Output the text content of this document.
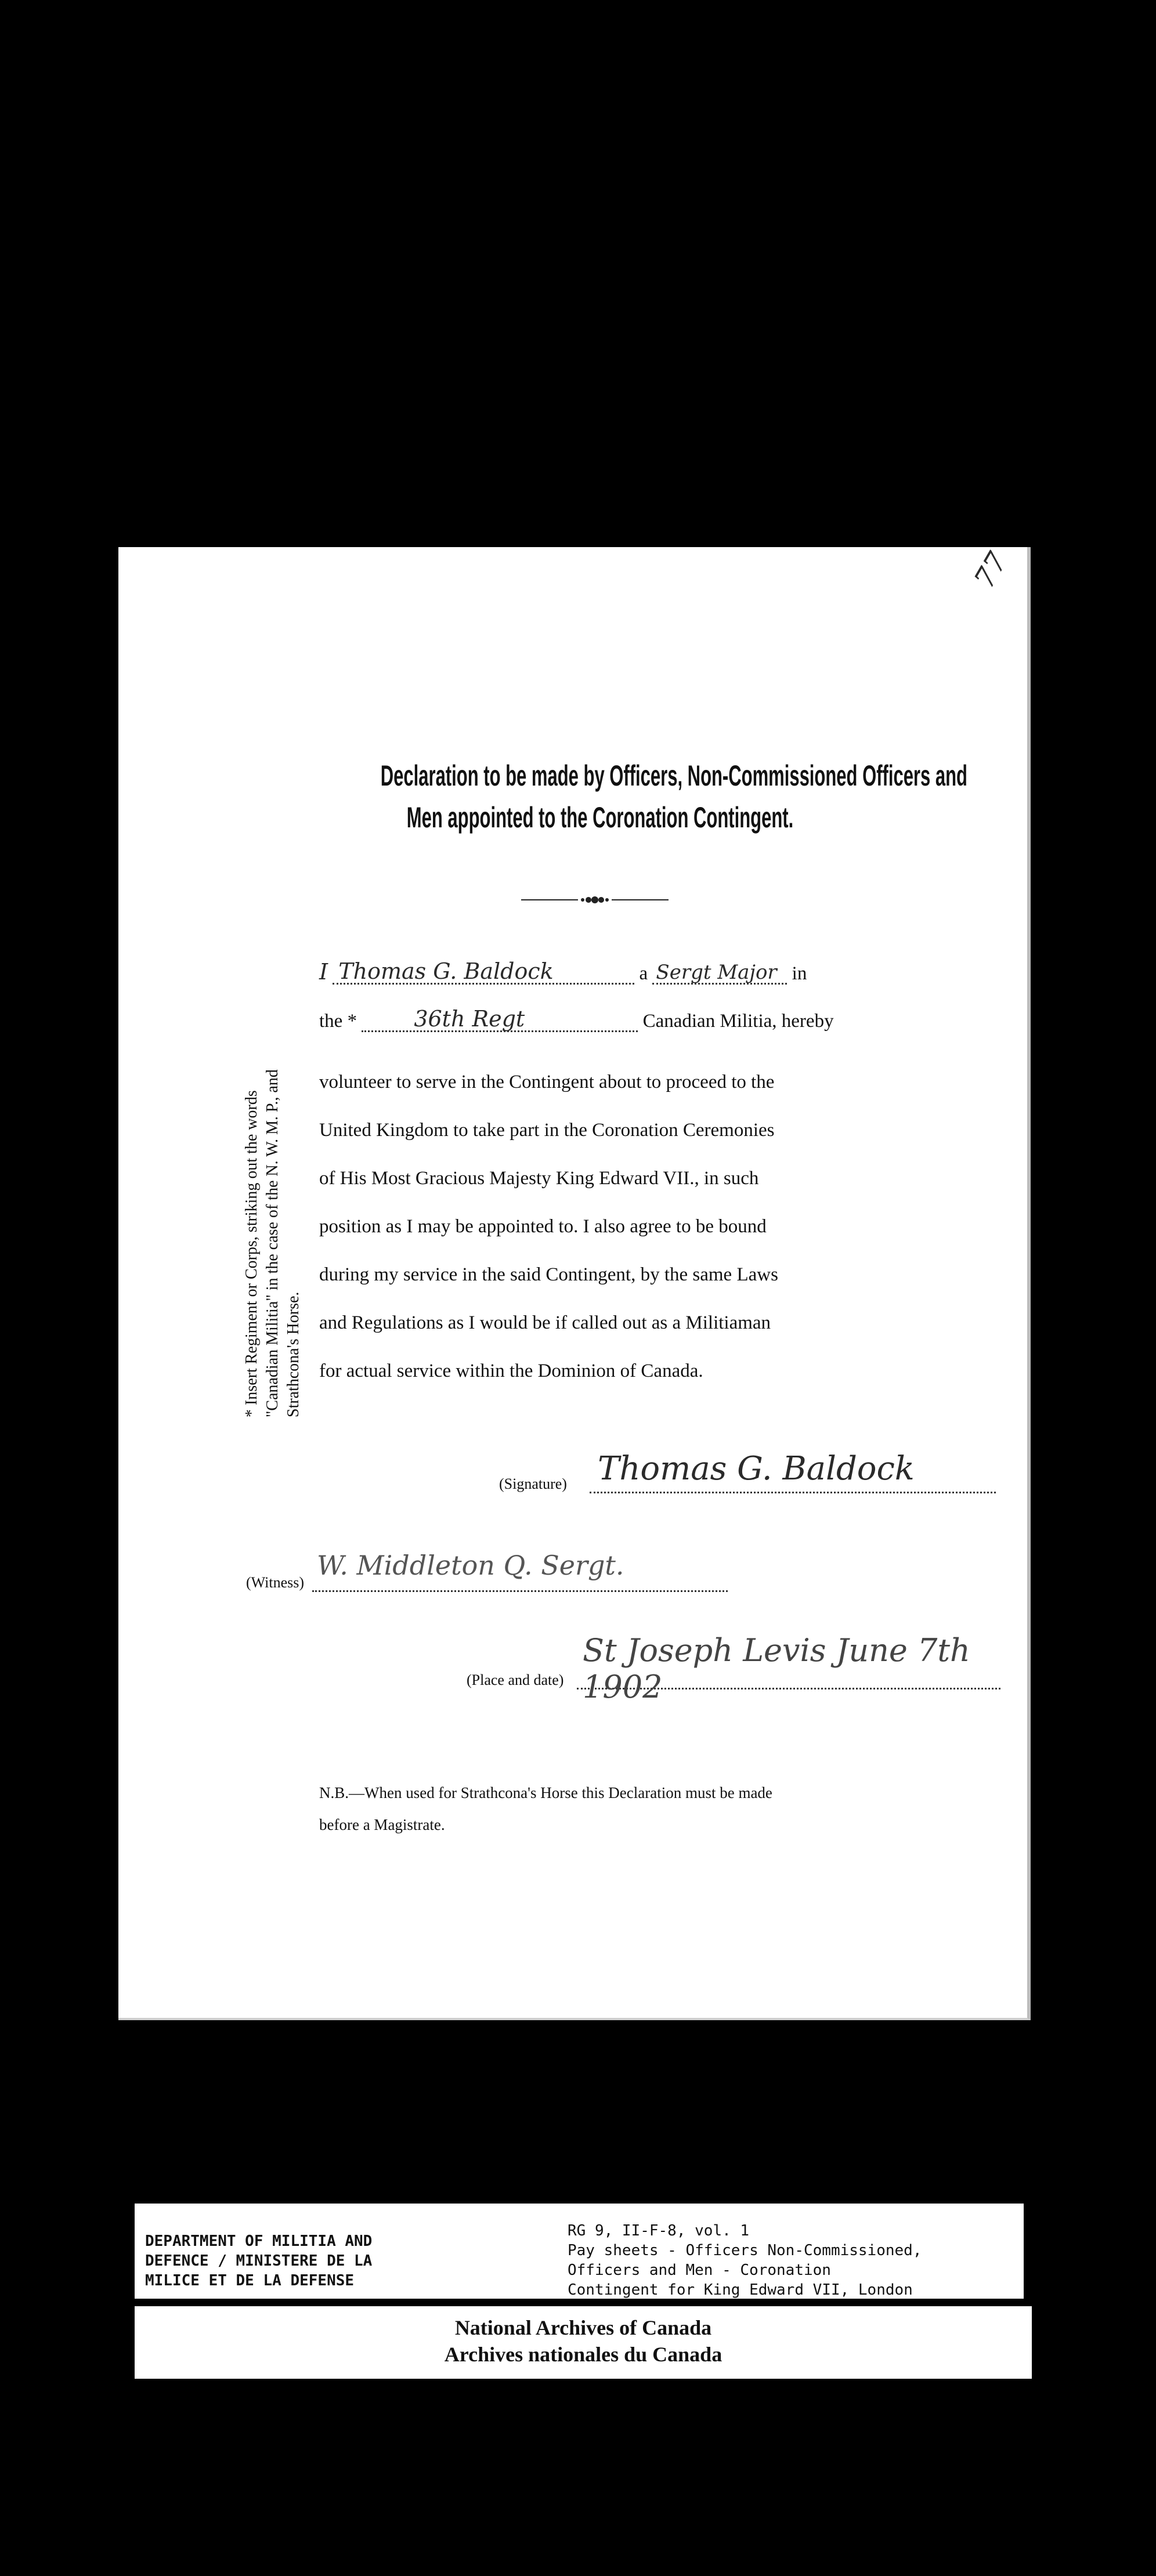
77
Declaration to be made by Officers, Non-Commissioned Officers and
Men appointed to the Coronation Contingent.
* Insert Regiment or Corps, striking out the words "Canadian Militia" in the case of the N. W. M. P., and Strathcona's Horse.
I Thomas G. Baldock	a Sergt Major in
the *	36th Regt	Canadian Militia, hereby
volunteer to serve in the Contingent about to proceed to the
United Kingdom to take part in the Coronation Ceremonies
of His Most Gracious Majesty King Edward VII., in such
position as I may be appointed to. I also agree to be bound
during my service in the said Contingent, by the same Laws
and Regulations as I would be if called out as a Militiaman
for actual service within the Dominion of Canada.
(Signature) Thomas G. Baldock
(Witness)
W. Middleton Q. Sergt.
(Place and date)
St Joseph Levis June 7th 1902
N.B.—When used for Strathcona's Horse this Declaration must be made
before a Magistrate.
DEPARTMENT OF MILITIA AND
DEFENCE / MINISTERE DE LA
MILICE ET DE LA DEFENSE
RG 9, II-F-8, vol. 1
Pay sheets - Officers Non-Commissioned,
Officers and Men - Coronation
Contingent for King Edward VII, London
National Archives of Canada
Archives nationales du Canada
